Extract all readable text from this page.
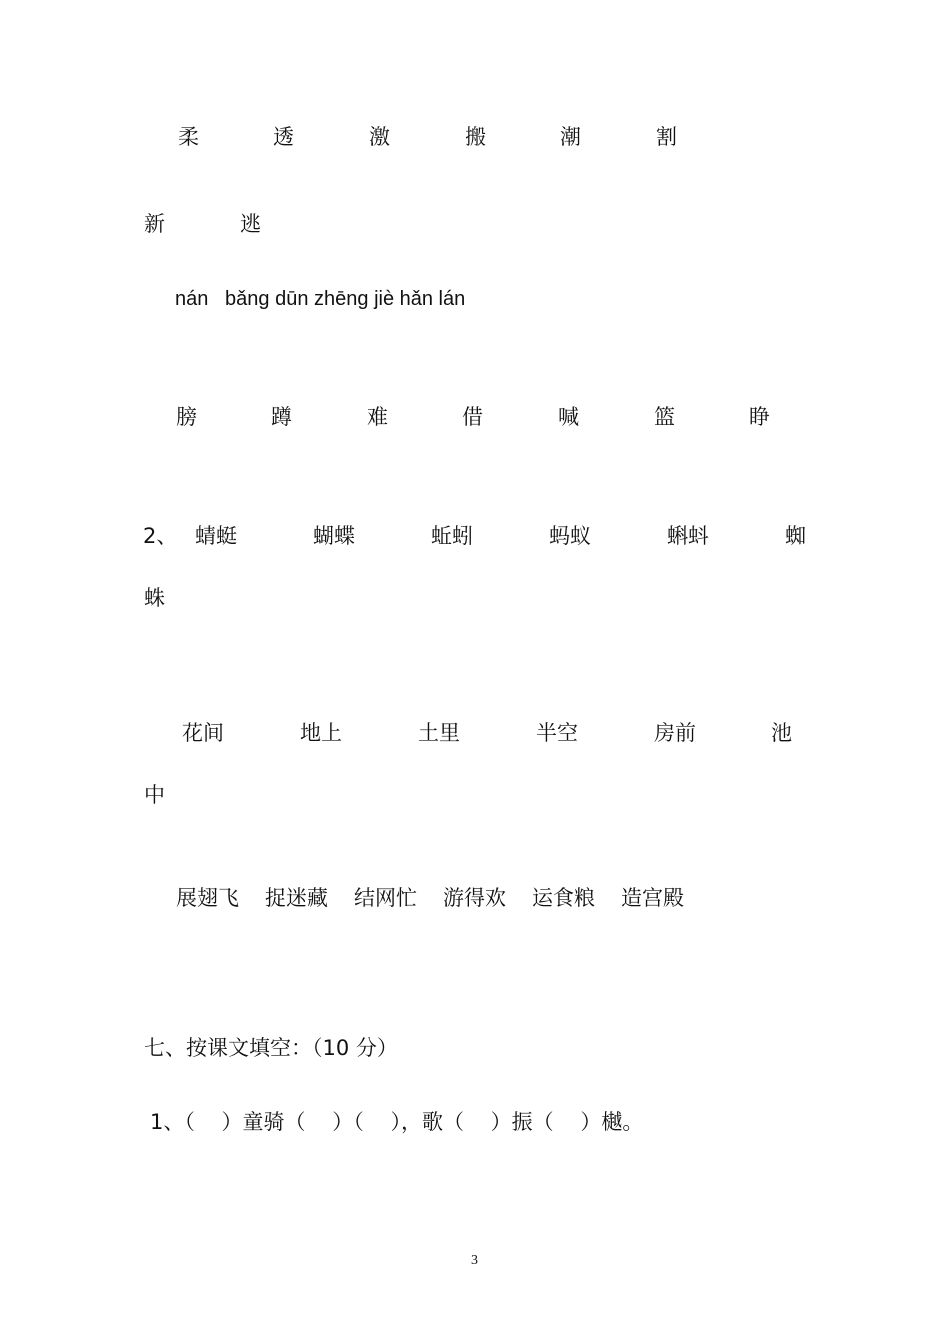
柔	透	激	搬	潮	割
新	逃
nán   bǎnɡ dūn zhēnɡ jiè hǎn lán
膀	蹲	难	借	喊	篮	睁
2、 蜻蜓	蝴蝶	蚯蚓	蚂蚁	蝌蚪	蜘
蛛
花间	地上	土里	半空	房前	池
中
展翅飞 捉迷藏 结网忙 游得欢 运食粮 造宫殿
七、按课文填空：（10 分）
1、（    ）童骑（    ）（    ），歌（    ）振（    ）樾。
3
